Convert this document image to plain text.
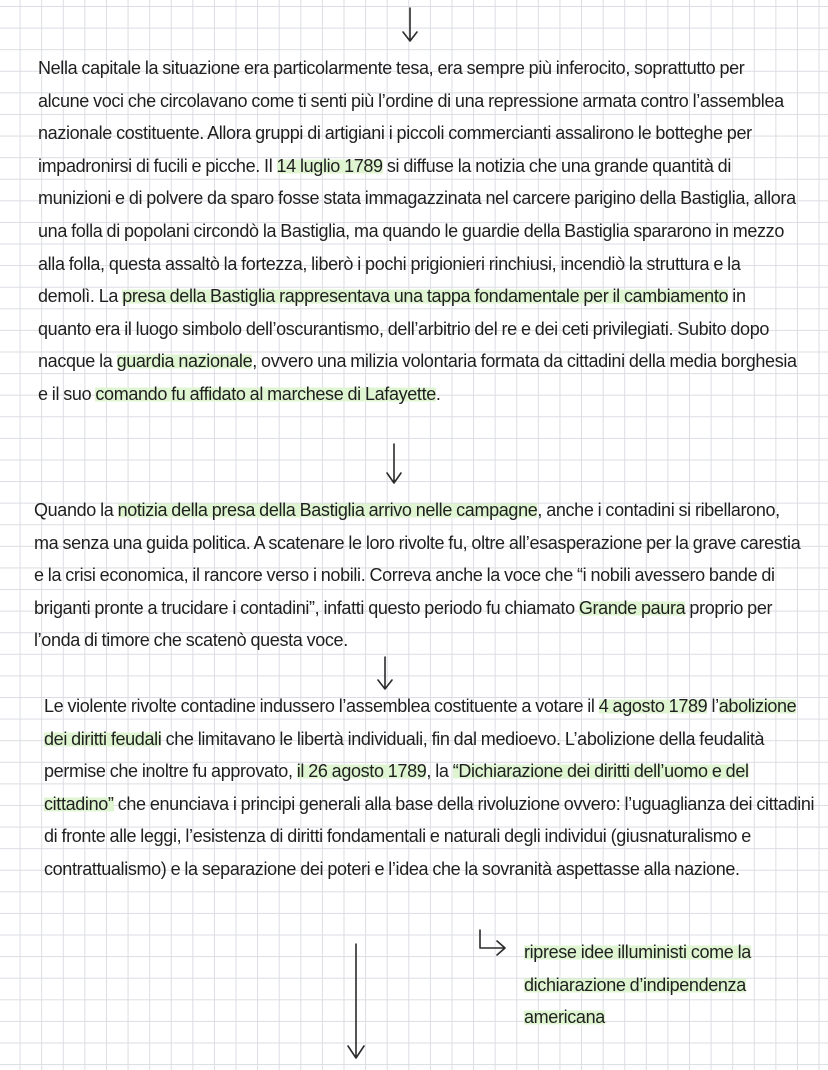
Nella capitale la situazione era particolarmente tesa, era sempre più inferocito, soprattutto per alcune voci che circolavano come ti senti più l’ordine di una repressione armata contro l’assemblea nazionale costituente. Allora gruppi di artigiani i piccoli commercianti assalirono le botteghe per impadronirsi di fucili e picche. Il 14 luglio 1789 si diffuse la notizia che una grande quantità di munizioni e di polvere da sparo fosse stata immagazzinata nel carcere parigino della Bastiglia, allora una folla di popolani circondò la Bastiglia, ma quando le guardie della Bastiglia spararono in mezzo alla folla, questa assaltò la fortezza, liberò i pochi prigionieri rinchiusi, incendiò la struttura e la demolì. La presa della Bastiglia rappresentava una tappa fondamentale per il cambiamento in quanto era il luogo simbolo dell’oscurantismo, dell’arbitrio del re e dei ceti privilegiati. Subito dopo nacque la guardia nazionale, ovvero una milizia volontaria formata da cittadini della media borghesia e il suo comando fu affidato al marchese di Lafayette.

Quando la notizia della presa della Bastiglia arrivo nelle campagne, anche i contadini si ribellarono, ma senza una guida politica. A scatenare le loro rivolte fu, oltre all’esasperazione per la grave carestia e la crisi economica, il rancore verso i nobili. Correva anche la voce che “i nobili avessero bande di briganti pronte a trucidare i contadini”, infatti questo periodo fu chiamato Grande paura proprio per l’onda di timore che scatenò questa voce.

Le violente rivolte contadine indussero l’assemblea costituente a votare il 4 agosto 1789 l’abolizione dei diritti feudali che limitavano le libertà individuali, fin dal medioevo. L’abolizione della feudalità permise che inoltre fu approvato, il 26 agosto 1789, la “Dichiarazione dei diritti dell’uomo e del cittadino” che enunciava i principi generali alla base della rivoluzione ovvero: l’uguaglianza dei cittadini di fronte alle leggi, l’esistenza di diritti fondamentali e naturali degli individui (giusnaturalismo e contrattualismo) e la separazione dei poteri e l’idea che la sovranità aspettasse alla nazione.

riprese idee illuministi come la dichiarazione d’indipendenza americana
